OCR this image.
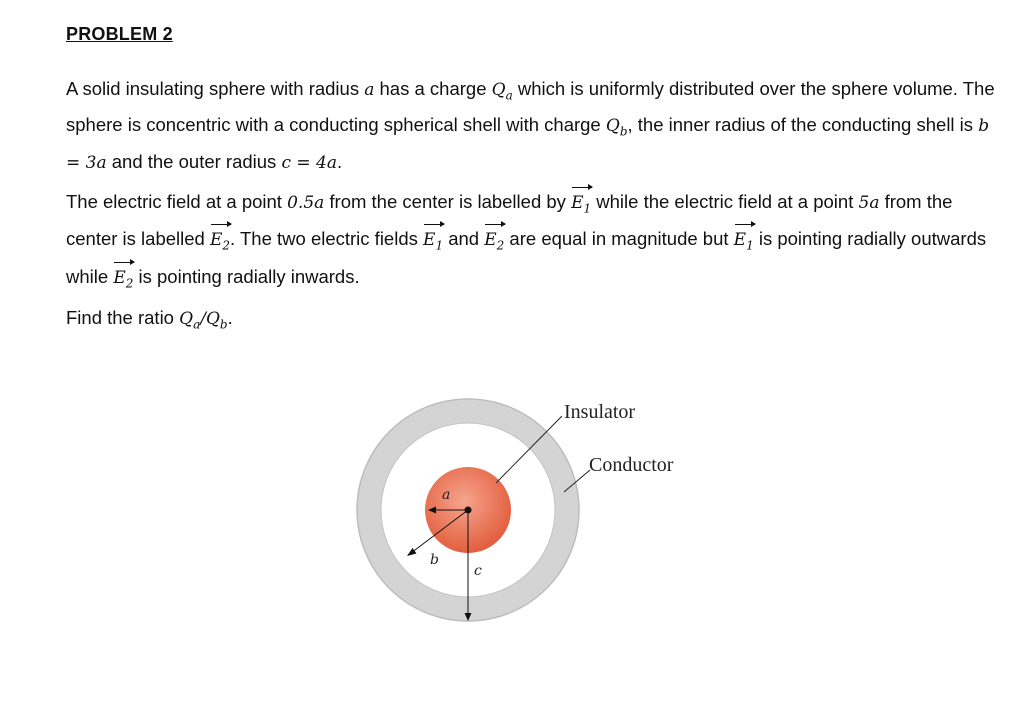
PROBLEM 2

A solid insulating sphere with radius a has a charge $Q_a$ which is uniformly distributed over the sphere volume. The sphere is concentric with a conducting spherical shell with charge $Q_b$, the inner radius of the conducting shell is b = 3a and the outer radius c = 4a.

The electric field at a point 0.5a from the center is labelled by $E_1$ while the electric field at a point 5a from the center is labelled $E_2$. The two electric fields $E_1$ and $E_2$ are equal in magnitude but $E_1$ is pointing radially outwards while $E_2$ is pointing radially inwards.

Find the ratio $Q_a/Q_b$.

a
b
c
Insulator
Conductor
